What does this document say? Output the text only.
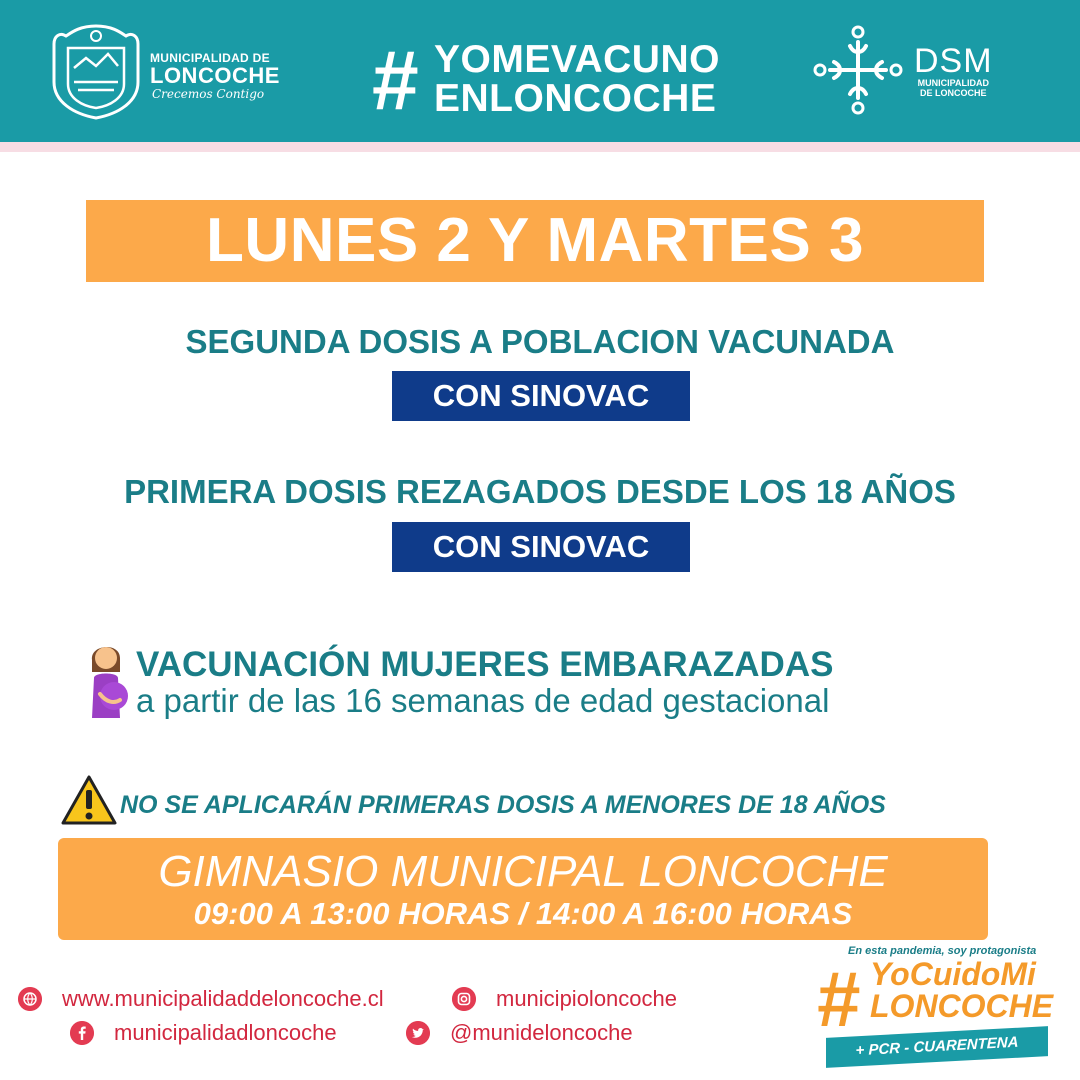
MUNICIPALIDAD DE
LONCOCHE
Crecemos Contigo # YOMEVACUNO
ENLONCOCHE
DSM
MUNICIPALIDAD
DE LONCOCHE
LUNES 2 Y MARTES 3
SEGUNDA DOSIS A POBLACION VACUNADA
CON SINOVAC
PRIMERA DOSIS REZAGADOS DESDE LOS 18 AÑOS
CON SINOVAC
VACUNACIÓN MUJERES EMBARAZADAS
a partir de las 16 semanas de edad gestacional
NO SE APLICARÁN PRIMERAS DOSIS A MENORES DE 18 AÑOS
GIMNASIO MUNICIPAL LONCOCHE
09:00 A 13:00 HORAS / 14:00 A 16:00 HORAS
www.municipalidaddeloncoche.cl	municipioloncoche
municipalidadloncoche	@munideloncoche
En esta pandemia, soy protagonista
# YoCuidoMi
LONCOCHE
+ PCR - CUARENTENA
